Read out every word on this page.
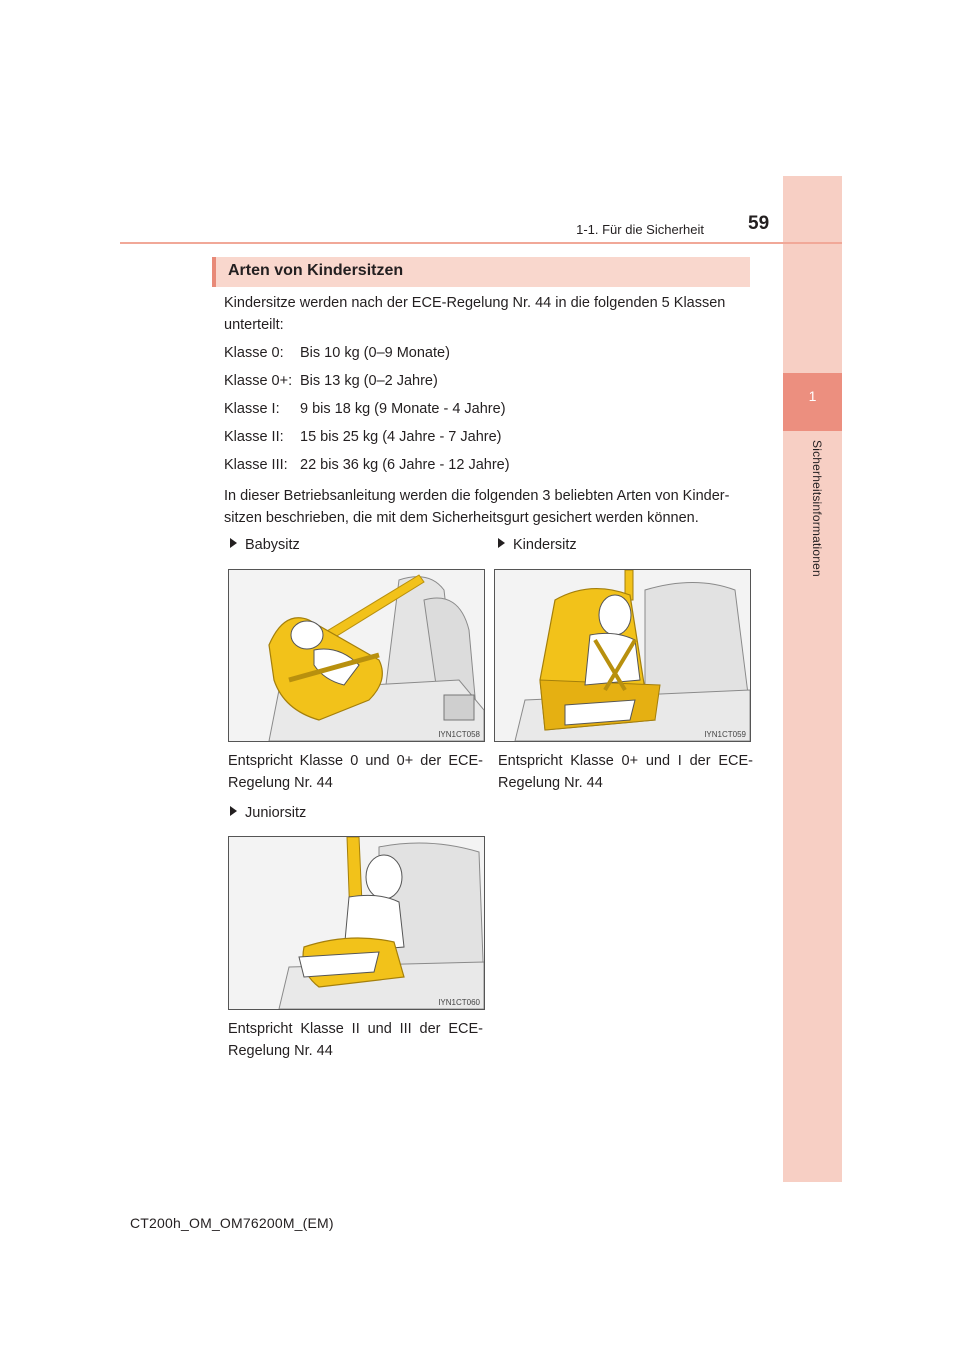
1
Sicherheitsinformationen
1-1. Für die Sicherheit 59
Arten von Kindersitzen
Kindersitze werden nach der ECE-Regelung Nr. 44 in die folgenden 5 Klassen unterteilt:
Klasse 0: Bis 10 kg (0–9 Monate)
Klasse 0+: Bis 13 kg (0–2 Jahre)
Klasse I: 9 bis 18 kg (9 Monate - 4 Jahre)
Klasse II: 15 bis 25 kg (4 Jahre - 7 Jahre)
Klasse III: 22 bis 36 kg (6 Jahre - 12 Jahre)
In dieser Betriebsanleitung werden die folgenden 3 beliebten Arten von Kinder-sitzen beschrieben, die mit dem Sicherheitsgurt gesichert werden können.
Babysitz
IYN1CT058
Entspricht Klasse 0 und 0+ der ECE-Regelung Nr. 44
Kindersitz
IYN1CT059
Entspricht Klasse 0+ und I der ECE-Regelung Nr. 44
Juniorsitz
IYN1CT060
Entspricht Klasse II und III der ECE-Regelung Nr. 44
CT200h_OM_OM76200M_(EM)
